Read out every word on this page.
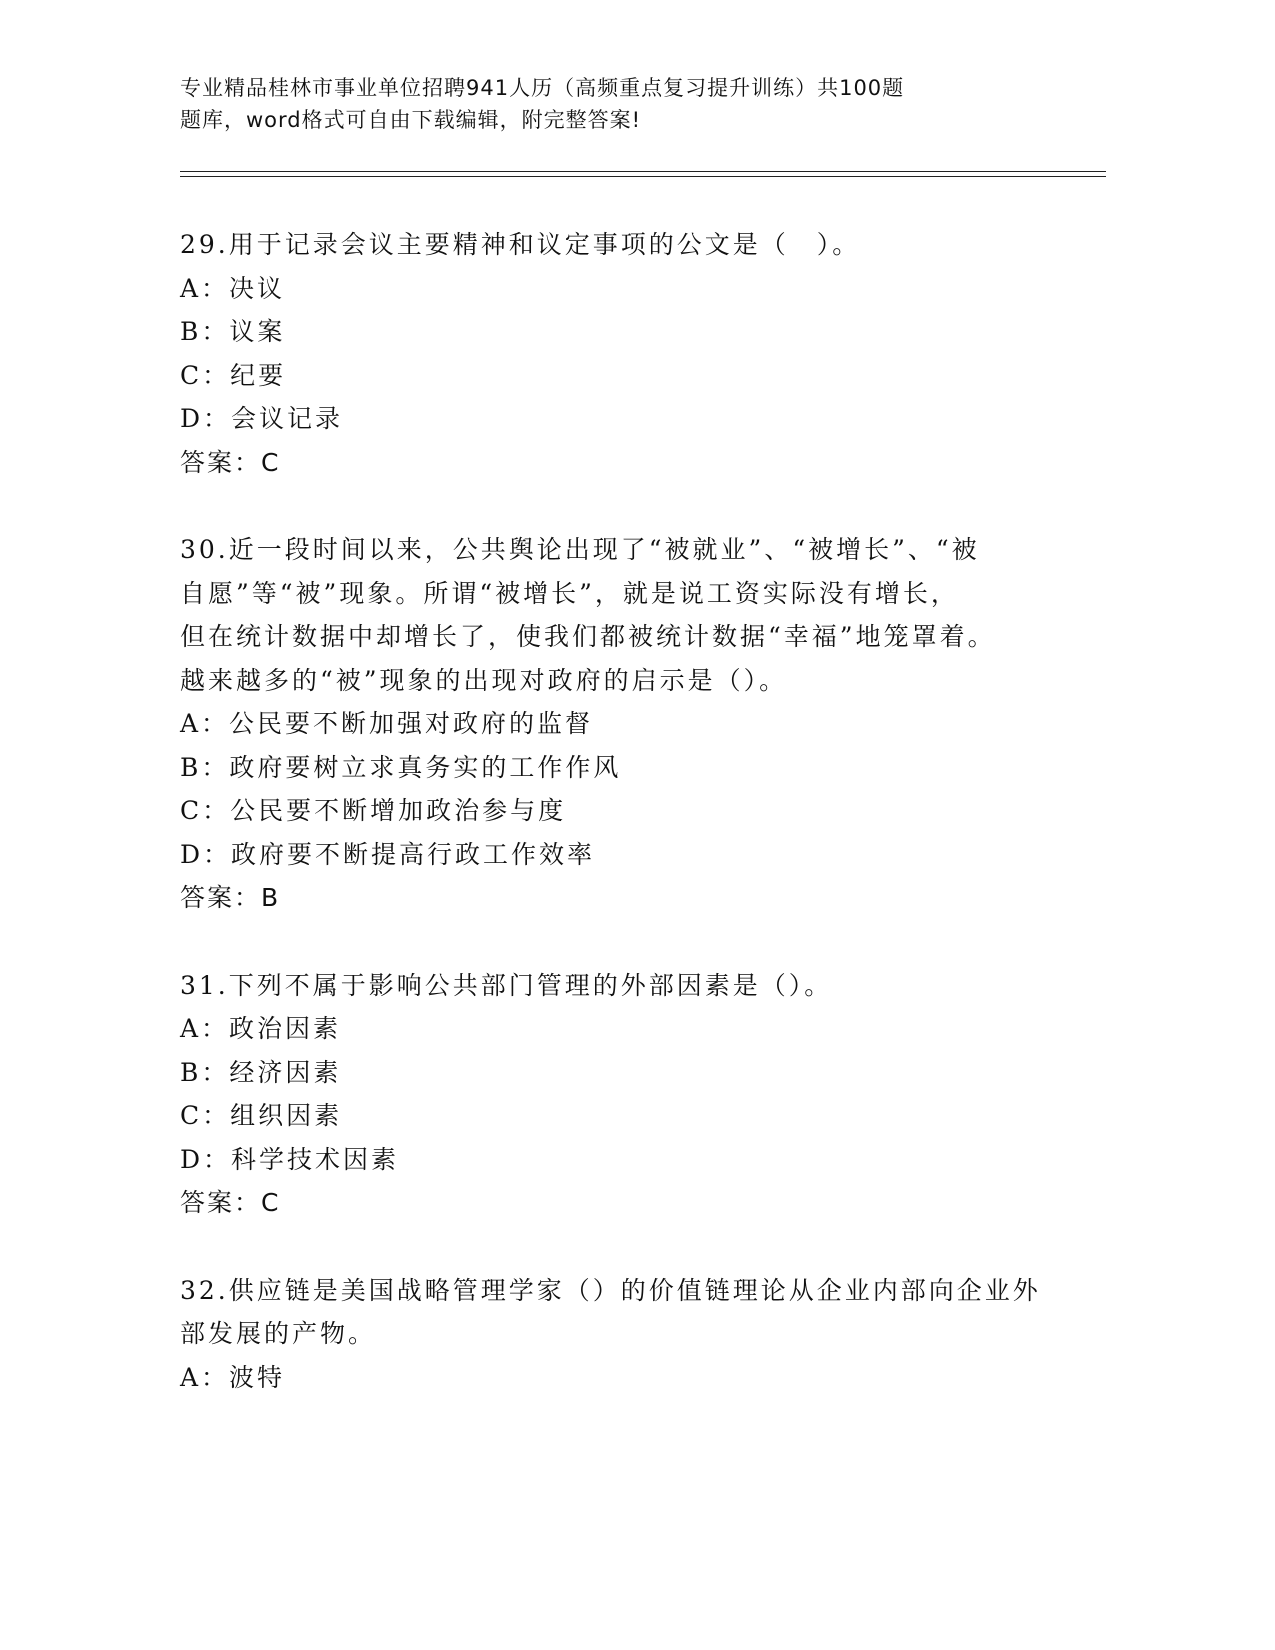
专业精品桂林市事业单位招聘941人历（高频重点复习提升训练）共100题
题库，word格式可自由下载编辑，附完整答案!
29.用于记录会议主要精神和议定事项的公文是（　）。
A：决议
B：议案
C：纪要
D：会议记录
答案：C
30.近一段时间以来，公共舆论出现了“被就业”、“被增长”、“被
自愿”等“被”现象。所谓“被增长”，就是说工资实际没有增长，
但在统计数据中却增长了，使我们都被统计数据“幸福”地笼罩着。
越来越多的“被”现象的出现对政府的启示是（）。
A：公民要不断加强对政府的监督
B：政府要树立求真务实的工作作风
C：公民要不断增加政治参与度
D：政府要不断提高行政工作效率
答案：B
31.下列不属于影响公共部门管理的外部因素是（）。
A：政治因素
B：经济因素
C：组织因素
D：科学技术因素
答案：C
32.供应链是美国战略管理学家（）的价值链理论从企业内部向企业外
部发展的产物。
A：波特
